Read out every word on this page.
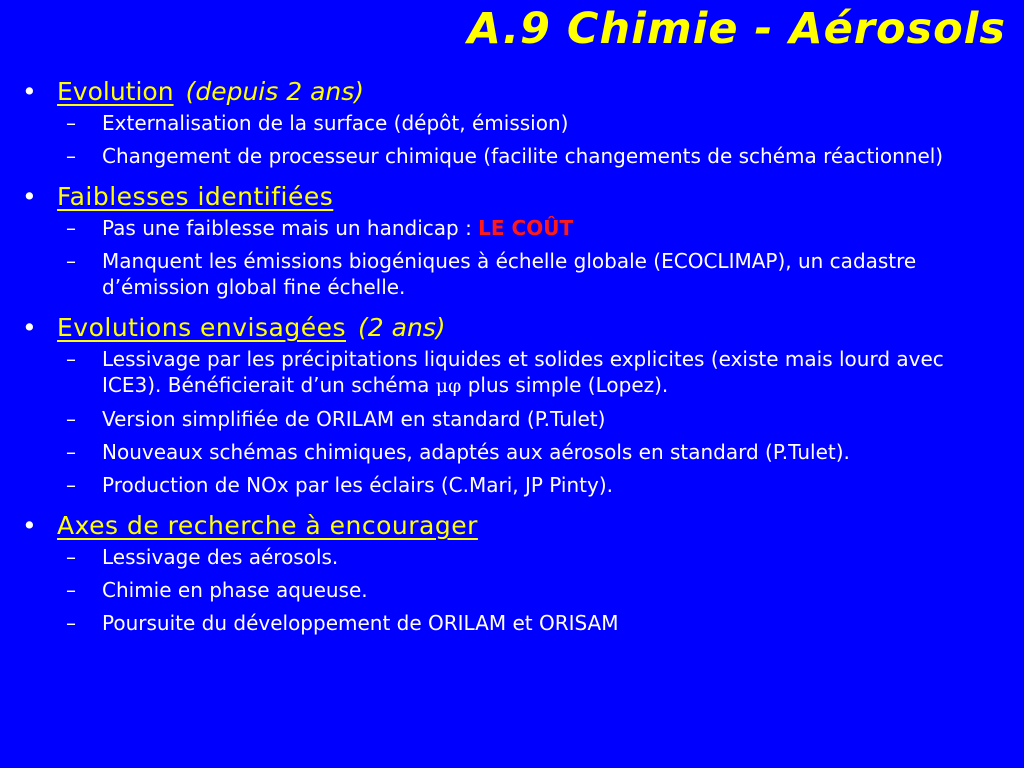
A.9 Chimie - Aérosols
• Evolution (depuis 2 ans)
–	Externalisation de la surface (dépôt, émission)
–	Changement de processeur chimique (facilite changements de schéma réactionnel)
• Faiblesses identifiées
–	Pas une faiblesse mais un handicap : LE COÛT
–	Manquent les émissions biogéniques à échelle globale (ECOCLIMAP), un cadastre d’émission global fine échelle.
• Evolutions envisagées (2 ans)
–	Lessivage par les précipitations liquides et solides explicites (existe mais lourd avec ICE3). Bénéficierait d’un schéma μφ plus simple (Lopez).
–	Version simplifiée de ORILAM en standard (P.Tulet)
–	Nouveaux schémas chimiques, adaptés aux aérosols en standard (P.Tulet).
–	Production de NOx par les éclairs (C.Mari, JP Pinty).
• Axes de recherche à encourager
–	Lessivage des aérosols.
–	Chimie en phase aqueuse.
–	Poursuite du développement de ORILAM et ORISAM
